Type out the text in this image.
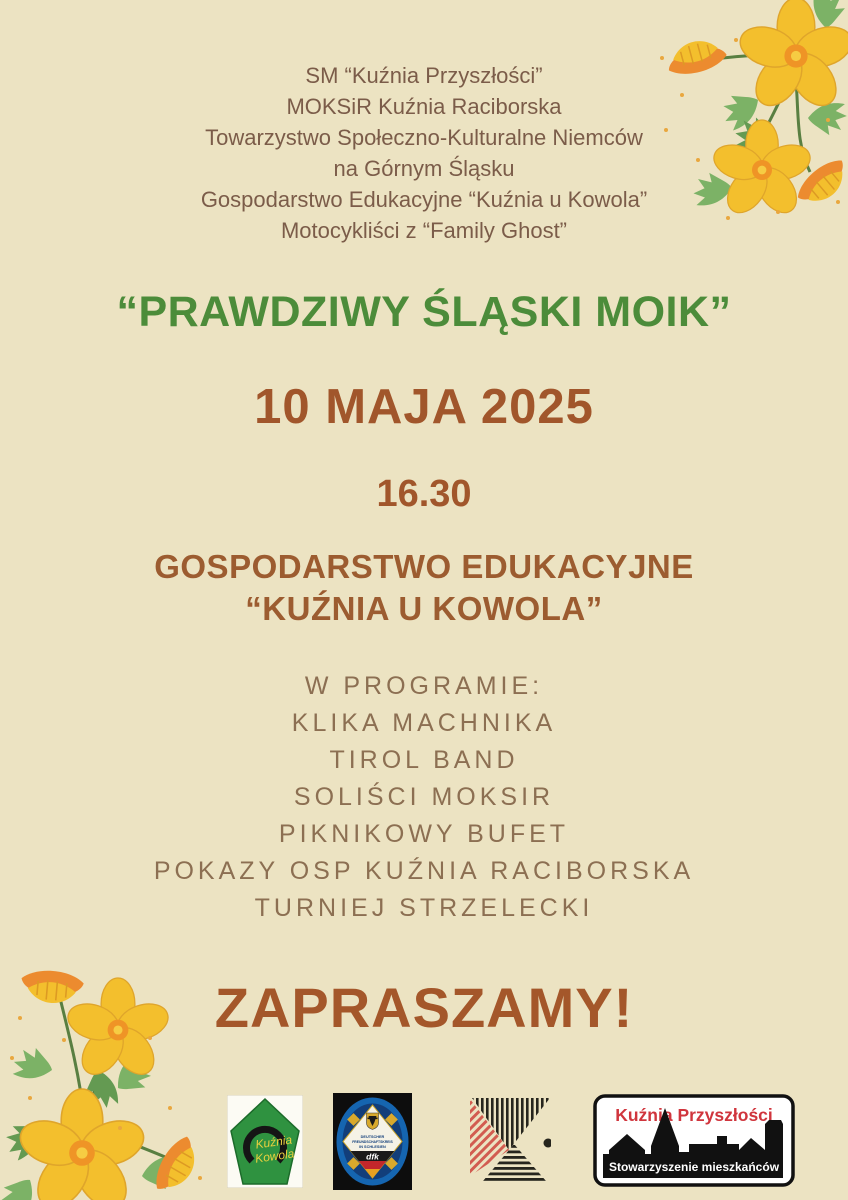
SM “Kuźnia Przyszłości”
MOKSiR Kuźnia Raciborska
Towarzystwo Społeczno-Kulturalne Niemców
na Górnym Śląsku
Gospodarstwo Edukacyjne “Kuźnia u Kowola”
Motocykliści z “Family Ghost”
“PRAWDZIWY ŚLĄSKI MOIK”
10 MAJA 2025
16.30
GOSPODARSTWO EDUKACYJNE
“KUŹNIA U KOWOLA”
W PROGRAMIE:
KLIKA MACHNIKA
TIROL BAND
SOLIŚCI MOKSIR
PIKNIKOWY BUFET
POKAZY OSP KUŹNIA RACIBORSKA
TURNIEJ STRZELECKI
ZAPRASZAMY!
Kuźnia
Kowola
DEUTSCHER
FREUNDSCHAFTSKREIS
IN SCHLESIEN
dfk
Kuźnia Przyszłości
Stowarzyszenie mieszkańców
